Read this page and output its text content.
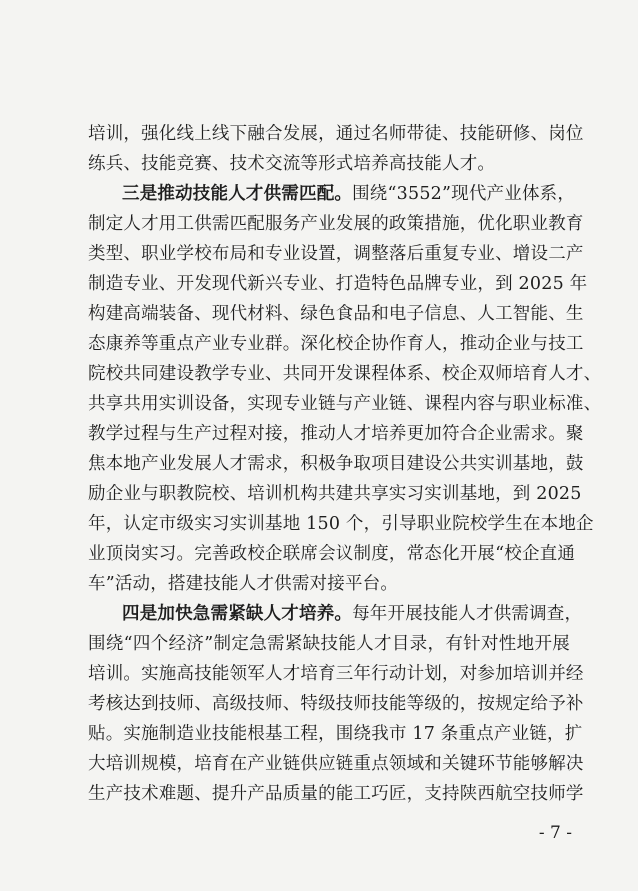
培训，强化线上线下融合发展，通过名师带徒、技能研修、岗位
练兵、技能竞赛、技术交流等形式培养高技能人才。
三是推动技能人才供需匹配。围绕“3552”现代产业体系，
制定人才用工供需匹配服务产业发展的政策措施，优化职业教育
类型、职业学校布局和专业设置，调整落后重复专业、增设二产
制造专业、开发现代新兴专业、打造特色品牌专业，到 2025 年
构建高端装备、现代材料、绿色食品和电子信息、人工智能、生
态康养等重点产业专业群。深化校企协作育人，推动企业与技工
院校共同建设教学专业、共同开发课程体系、校企双师培育人才、
共享共用实训设备，实现专业链与产业链、课程内容与职业标准、
教学过程与生产过程对接，推动人才培养更加符合企业需求。聚
焦本地产业发展人才需求，积极争取项目建设公共实训基地，鼓
励企业与职教院校、培训机构共建共享实习实训基地，到 2025
年，认定市级实习实训基地 150 个，引导职业院校学生在本地企
业顶岗实习。完善政校企联席会议制度，常态化开展“校企直通
车”活动，搭建技能人才供需对接平台。
四是加快急需紧缺人才培养。每年开展技能人才供需调查，
围绕“四个经济”制定急需紧缺技能人才目录，有针对性地开展
培训。实施高技能领军人才培育三年行动计划，对参加培训并经
考核达到技师、高级技师、特级技师技能等级的，按规定给予补
贴。实施制造业技能根基工程，围绕我市 17 条重点产业链，扩
大培训规模，培育在产业链供应链重点领域和关键环节能够解决
生产技术难题、提升产品质量的能工巧匠，支持陕西航空技师学
- 7 -
